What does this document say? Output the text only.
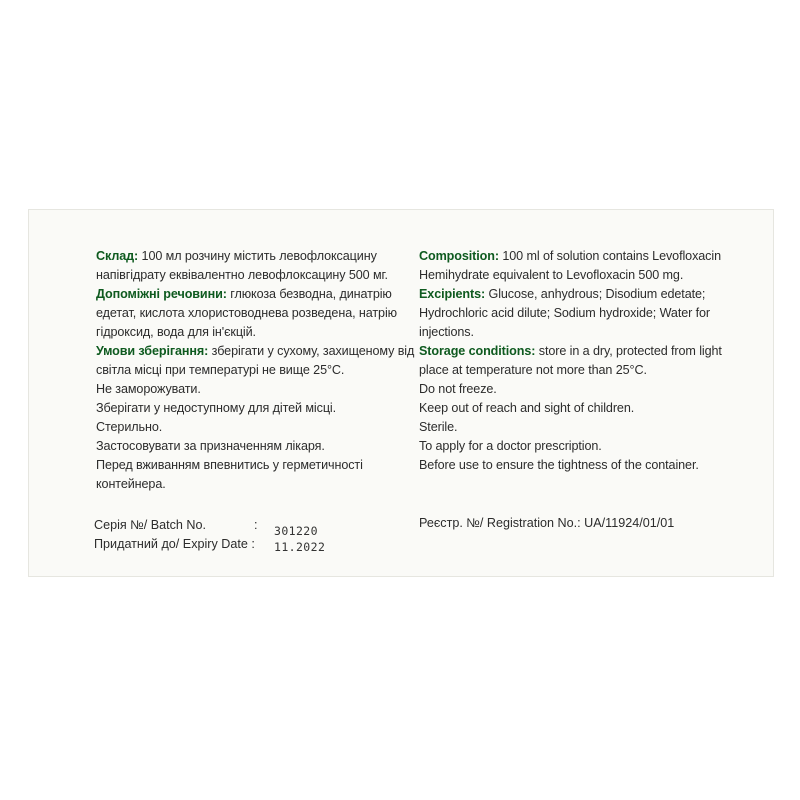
Склад: 100 мл розчину містить левофлоксацину напівгідрату еквівалентно левофлоксацину 500 мг.

Допоміжні речовини: глюкоза безводна, динатрію едетат, кислота хлористоводнева розведена, натрію гідроксид, вода для ін'єкцій.

Умови зберігання: зберігати у сухому, захищеному від світла місці при температурі не вище 25°С.

Не заморожувати.

Зберігати у недоступному для дітей місці.

Стерильно.

Застосовувати за призначенням лікаря.

Перед вживанням впевнитись у герметичності контейнера.

Composition: 100 ml of solution contains Levofloxacin Hemihydrate equivalent to Levofloxacin 500 mg.

Excipients: Glucose, anhydrous; Disodium edetate; Hydrochloric acid dilute; Sodium hydroxide; Water for injections.

Storage conditions: store in a dry, protected from light place at temperature not more than 25°C.

Do not freeze.

Keep out of reach and sight of children.

Sterile.

To apply for a doctor prescription.

Before use to ensure the tightness of the container.

Серія №/ Batch No.	: 301220
Придатний до/ Expiry Date : 11.2022
Реєстр. №/ Registration No.: UA/11924/01/01
